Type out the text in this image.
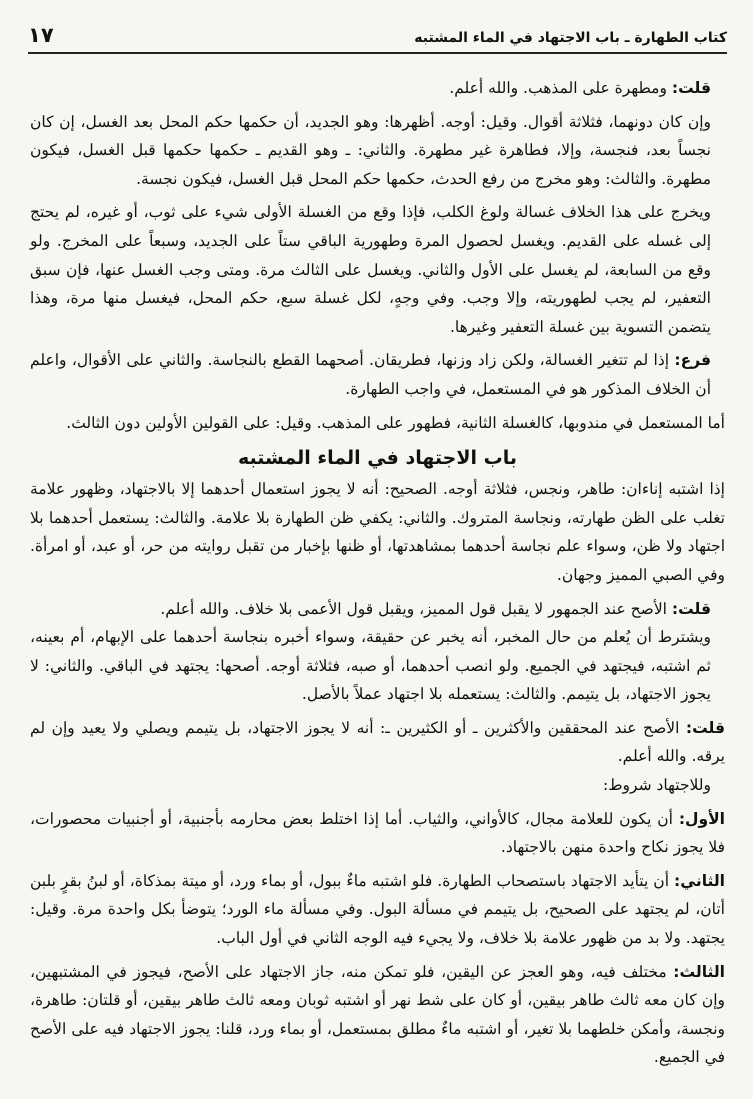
١٧	كتاب الطهارة ـ باب الاجتهاد في الماء المشتبه

قلت: ومطهرة على المذهب. والله أعلم.

وإن كان دونهما، فثلاثة أقوال. وقيل: أوجه. أظهرها: وهو الجديد، أن حكمها حكم المحل بعد الغسل، إن كان نجساً بعد، فنجسة، وإلا، فطاهرة غير مطهرة. والثاني: ـ وهو القديم ـ حكمها حكمها قبل الغسل، فيكون مطهرة. والثالث: وهو مخرج من رفع الحدث، حكمها حكم المحل قبل الغسل، فيكون نجسة.

ويخرج على هذا الخلاف غسالة ولوغ الكلب، فإذا وقع من الغسلة الأولى شيء على ثوب، أو غيره، لم يحتج إلى غسله على القديم. ويغسل لحصول المرة وطهورية الباقي ستاً على الجديد، وسبعاً على المخرج. ولو وقع من السابعة، لم يغسل على الأول والثاني. ويغسل على الثالث مرة. ومتى وجب الغسل عنها، فإن سبق التعفير، لم يجب لطهوريته، وإلا وجب. وفي وجهٍ، لكل غسلة سبع، حكم المحل، فيغسل منها مرة، وهذا يتضمن التسوية بين غسلة التعفير وغيرها.

فرع: إذا لم تتغير الغسالة، ولكن زاد وزنها، فطريقان. أصحهما القطع بالنجاسة. والثاني على الأقوال، واعلم أن الخلاف المذكور هو في المستعمل، في واجب الطهارة.

أما المستعمل في مندوبها، كالغسلة الثانية، فطهور على المذهب. وقيل: على القولين الأولين دون الثالث.

باب الاجتهاد في الماء المشتبه

إذا اشتبه إناءان: طاهر، ونجس، فثلاثة أوجه. الصحيح: أنه لا يجوز استعمال أحدهما إلا بالاجتهاد، وظهور علامة تغلب على الظن طهارته، ونجاسة المتروك. والثاني: يكفي ظن الطهارة بلا علامة. والثالث: يستعمل أحدهما بلا اجتهاد ولا ظن، وسواء علم نجاسة أحدهما بمشاهدتها، أو ظنها بإخبار من تقبل روايته من حر، أو عبد، أو امرأة. وفي الصبي المميز وجهان.

قلت: الأصح عند الجمهور لا يقبل قول المميز، ويقبل قول الأعمى بلا خلاف. والله أعلم.

ويشترط أن يُعلم من حال المخبر، أنه يخبر عن حقيقة، وسواء أخبره بنجاسة أحدهما على الإبهام، أم بعينه، ثم اشتبه، فيجتهد في الجميع. ولو انصب أحدهما، أو صبه، فثلاثة أوجه. أصحها: يجتهد في الباقي. والثاني: لا يجوز الاجتهاد، بل يتيمم. والثالث: يستعمله بلا اجتهاد عملاً بالأصل.

قلت: الأصح عند المحققين والأكثرين ـ أو الكثيرين ـ: أنه لا يجوز الاجتهاد، بل يتيمم ويصلي ولا يعيد وإن لم يرقه. والله أعلم.

وللاجتهاد شروط:

الأول: أن يكون للعلامة مجال، كالأواني، والثياب. أما إذا اختلط بعض محارمه بأجنبية، أو أجنبيات محصورات، فلا يجوز نكاح واحدة منهن بالاجتهاد.

الثاني: أن يتأيد الاجتهاد باستصحاب الطهارة. فلو اشتبه ماءٌ ببول، أو بماء ورد، أو ميتة بمذكاة، أو لبنُ بقرٍ بلبن أتان، لم يجتهد على الصحيح، بل يتيمم في مسألة البول. وفي مسألة ماء الورد؛ يتوضأ بكل واحدة مرة. وقيل: يجتهد. ولا بد من ظهور علامة بلا خلاف، ولا يجيء فيه الوجه الثاني في أول الباب.

الثالث: مختلف فيه، وهو العجز عن اليقين، فلو تمكن منه، جاز الاجتهاد على الأصح، فيجوز في المشتبهين، وإن كان معه ثالث طاهر بيقين، أو كان على شط نهر أو اشتبه ثوبان ومعه ثالث طاهر بيقين، أو قلتان: طاهرة، ونجسة، وأمكن خلطهما بلا تغير، أو اشتبه ماءٌ مطلق بمستعمل، أو بماء ورد، قلنا: يجوز الاجتهاد فيه على الأصح في الجميع.
